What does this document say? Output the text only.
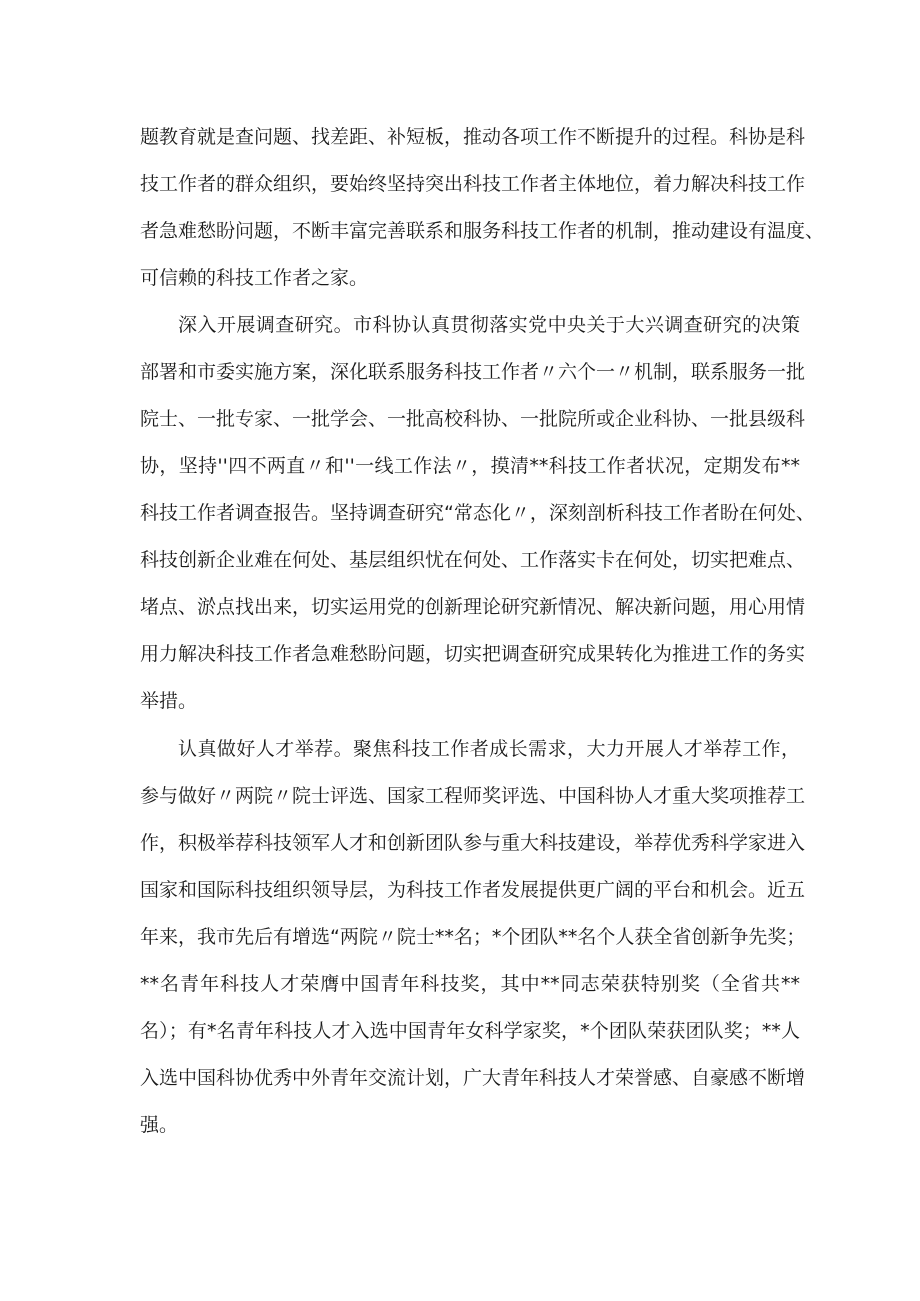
题教育就是查问题、找差距、补短板，推动各项工作不断提升的过程。科协是科
技工作者的群众组织，要始终坚持突出科技工作者主体地位，着力解决科技工作
者急难愁盼问题，不断丰富完善联系和服务科技工作者的机制，推动建设有温度、
可信赖的科技工作者之家。
深入开展调查研究。市科协认真贯彻落实党中央关于大兴调查研究的决策
部署和市委实施方案，深化联系服务科技工作者〃六个一〃机制，联系服务一批
院士、一批专家、一批学会、一批高校科协、一批院所或企业科协、一批县级科
协，坚持''四不两直〃和''一线工作法〃，摸清**科技工作者状况，定期发布**
科技工作者调查报告。坚持调查研究“常态化〃，深刻剖析科技工作者盼在何处、
科技创新企业难在何处、基层组织忧在何处、工作落实卡在何处，切实把难点、
堵点、淤点找出来，切实运用党的创新理论研究新情况、解决新问题，用心用情
用力解决科技工作者急难愁盼问题，切实把调查研究成果转化为推进工作的务实
举措。
认真做好人才举荐。聚焦科技工作者成长需求，大力开展人才举荐工作，
参与做好〃两院〃院士评选、国家工程师奖评选、中国科协人才重大奖项推荐工
作，积极举荐科技领军人才和创新团队参与重大科技建设，举荐优秀科学家进入
国家和国际科技组织领导层，为科技工作者发展提供更广阔的平台和机会。近五
年来，我市先后有增选“两院〃院士**名；*个团队**名个人获全省创新争先奖；
**名青年科技人才荣膺中国青年科技奖，其中**同志荣获特别奖（全省共**
名）；有*名青年科技人才入选中国青年女科学家奖，*个团队荣获团队奖；**人
入选中国科协优秀中外青年交流计划，广大青年科技人才荣誉感、自豪感不断增
强。
